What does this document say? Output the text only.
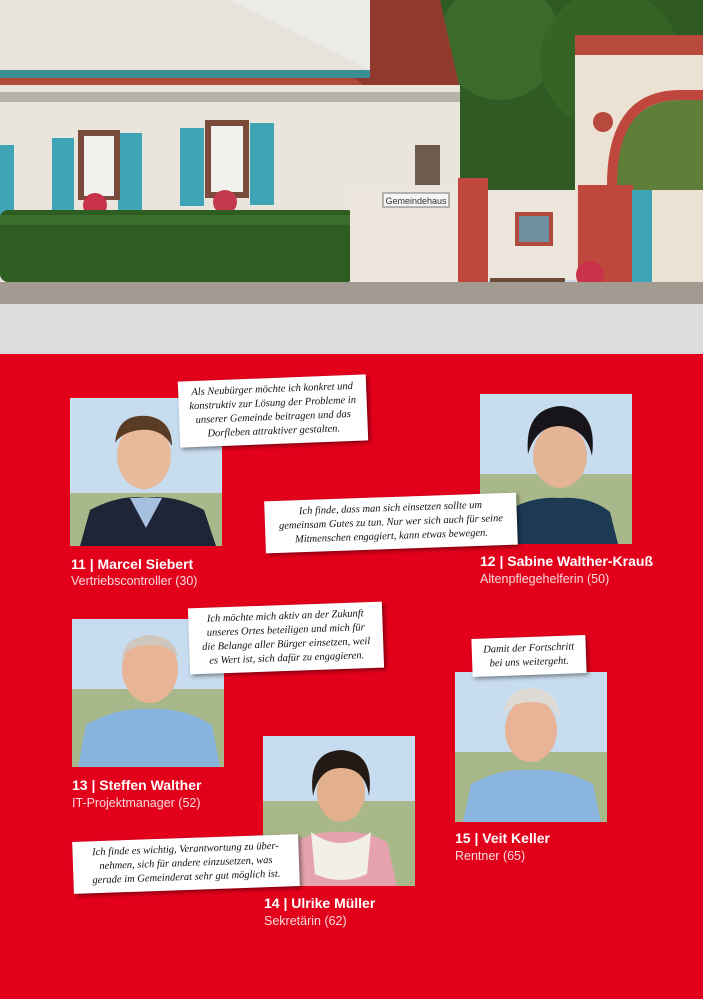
Gemeindehaus
Als Neubürger möchte ich konkret und
konstruktiv zur Lösung der Probleme in
unserer Gemeinde beitragen und das
Dorfleben attraktiver gestalten.
Ich finde, dass man sich einsetzen sollte um
gemeinsam Gutes zu tun. Nur wer sich auch für seine
Mitmenschen engagiert, kann etwas bewegen.
Ich möchte mich aktiv an der Zukunft
unseres Ortes beteiligen und mich für
die Belange aller Bürger einsetzen, weil
es Wert ist, sich dafür zu engagieren.
Damit der Fortschritt
bei uns weitergeht.
Ich finde es wichtig, Verantwortung zu über-
nehmen, sich für andere einzusetzen, was
gerade im Gemeinderat sehr gut möglich ist.
11 | Marcel Siebert
Vertriebscontroller (30)
12 | Sabine Walther-Krauß
Altenpflegehelferin (50)
13 | Steffen Walther
IT-Projektmanager (52)
15 | Veit Keller
Rentner (65)
14 | Ulrike Müller
Sekretärin (62)
